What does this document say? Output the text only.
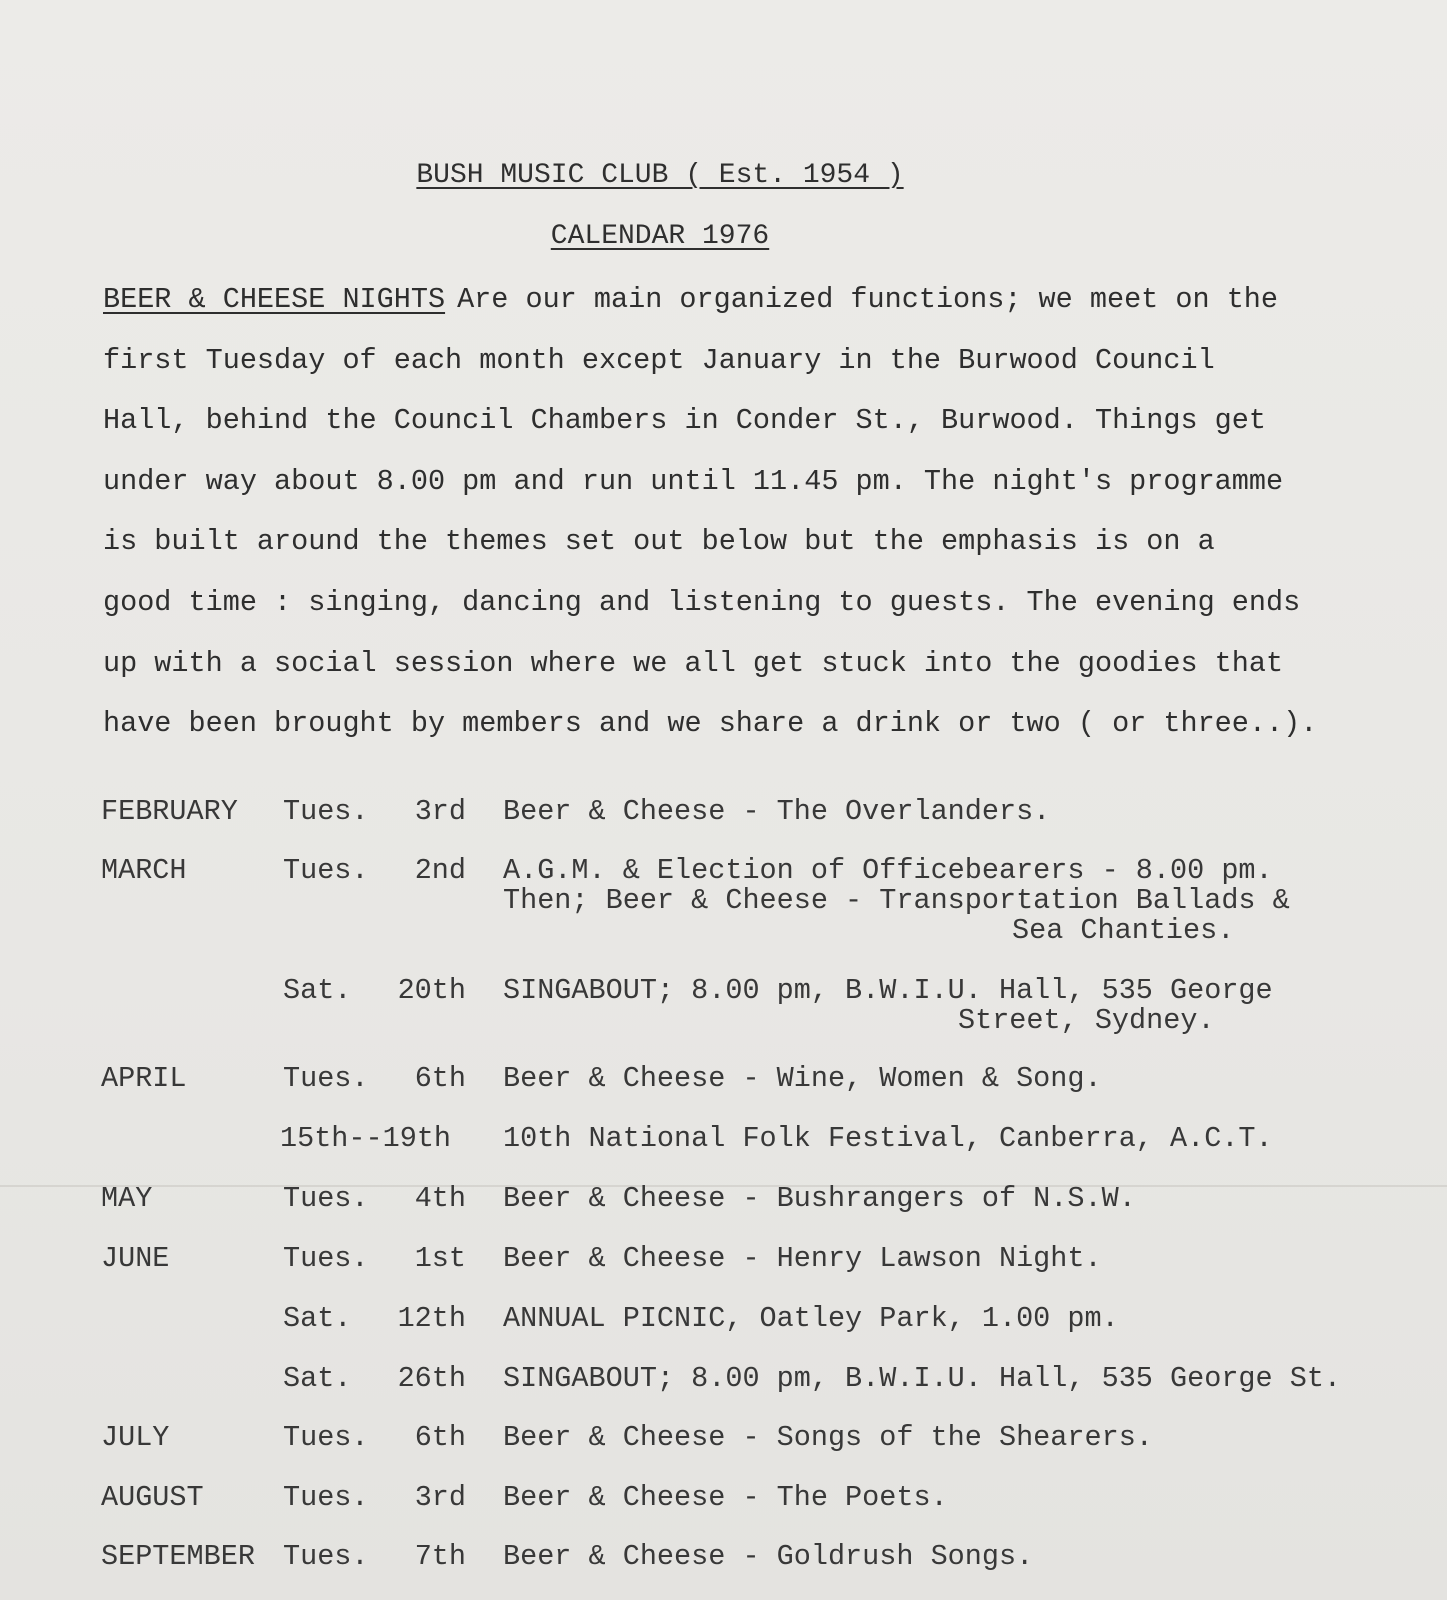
BUSH MUSIC CLUB ( Est. 1954 )
CALENDAR 1976
BEER & CHEESE NIGHTS Are our main organized functions; we meet on the
first Tuesday of each month except January in the Burwood Council
Hall, behind the Council Chambers in Conder St., Burwood. Things get
under way about 8.00 pm and run until 11.45 pm. The night's programme
is built around the themes set out below but the emphasis is on a
good time : singing, dancing and listening to guests. The evening ends
up with a social session where we all get stuck into the goodies that
have been brought by members and we share a drink or two ( or three..).
FEBRUARY Tues.	3rd Beer & Cheese - The Overlanders.
MARCH	Tues.	2nd A.G.M. & Election of Officebearers - 8.00 pm.
Then; Beer & Cheese - Transportation Ballads &
Sea Chanties.
Sat.	20th SINGABOUT; 8.00 pm, B.W.I.U. Hall, 535 George
Street, Sydney.
APRIL	Tues.	6th Beer & Cheese - Wine, Women & Song.
15th--19th	10th National Folk Festival, Canberra, A.C.T.
MAY	Tues.	4th Beer & Cheese - Bushrangers of N.S.W.
JUNE	Tues.	1st Beer & Cheese - Henry Lawson Night.
Sat.	12th ANNUAL PICNIC, Oatley Park, 1.00 pm.
Sat.	26th SINGABOUT; 8.00 pm, B.W.I.U. Hall, 535 George St.
JULY	Tues.	6th Beer & Cheese - Songs of the Shearers.
AUGUST	Tues.	3rd Beer & Cheese - The Poets.
SEPTEMBER Tues.	7th Beer & Cheese - Goldrush Songs.
